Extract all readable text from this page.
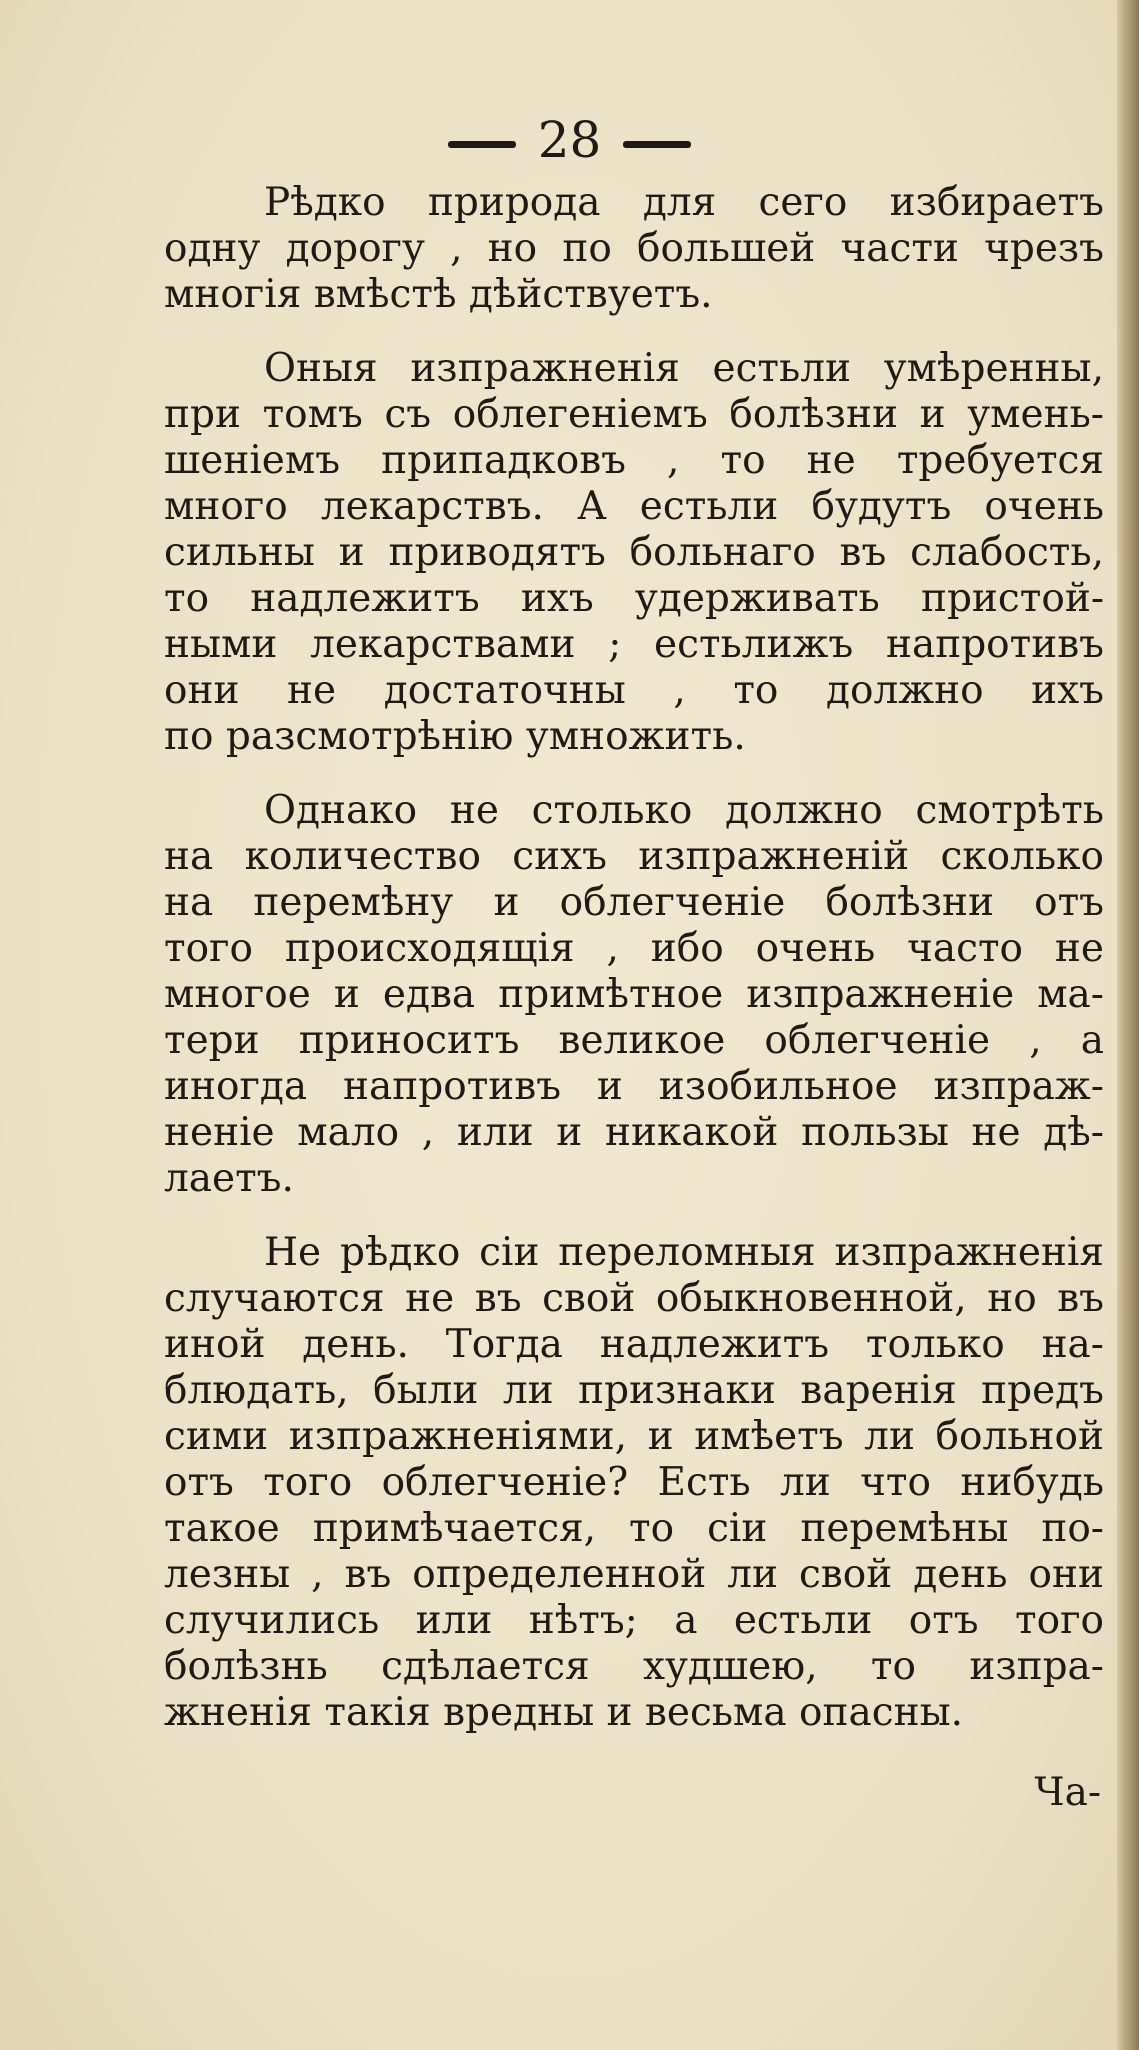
28
Рѣдко природа для сего избираетъ
одну дорогу , но по большей части чрезъ
многія вмѣстѣ дѣйствуетъ.
Оныя изпражненія естьли умѣренны,
при томъ съ облегеніемъ болѣзни и умень-
шеніемъ припадковъ , то не требуется
много лекарствъ. А естьли будутъ очень
сильны и приводятъ больнаго въ слабость,
то надлежитъ ихъ удерживать пристой-
ными лекарствами ; естьлижъ напротивъ
они не достаточны , то должно ихъ
по разсмотрѣнію умножить.
Однако не столько должно смотрѣть
на количество сихъ изпражненій сколько
на перемѣну и облегченіе болѣзни отъ
того происходящія , ибо очень часто не
многое и едва примѣтное изпражненіе ма-
тери приноситъ великое облегченіе , а
иногда напротивъ и изобильное изпраж-
неніе мало , или и никакой пользы не дѣ-
лаетъ.
Не рѣдко сіи переломныя изпражненія
случаются не въ свой обыкновенной, но въ
иной день. Тогда надлежитъ только на-
блюдать, были ли признаки варенія предъ
сими изпражненіями, и имѣетъ ли больной
отъ того облегченіе? Есть ли что нибудь
такое примѣчается, то сіи перемѣны по-
лезны , въ определенной ли свой день они
случились или нѣтъ; а естьли отъ того
болѣзнь сдѣлается худшею, то изпра-
жненія такія вредны и весьма опасны.
Ча-
